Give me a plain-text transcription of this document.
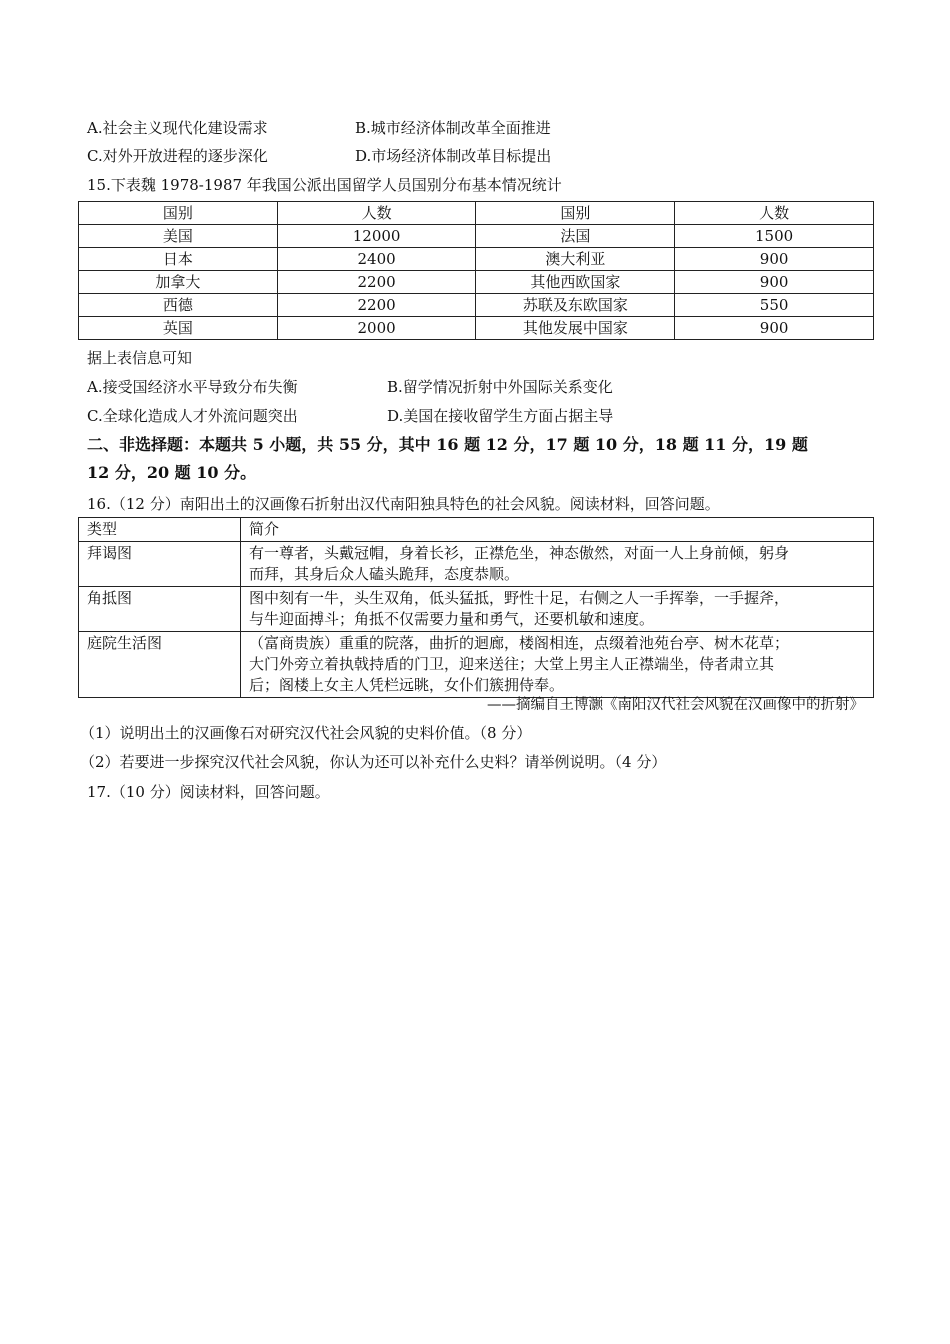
A.社会主义现代化建设需求	B.城市经济体制改革全面推进
C.对外开放进程的逐步深化	D.市场经济体制改革目标提出
15.下表魏 1978-1987 年我国公派出国留学人员国别分布基本情况统计
国别	人数	国别	人数
美国	12000	法国	1500
日本	2400	澳大利亚	900
加拿大	2200	其他西欧国家	900
西德	2200	苏联及东欧国家	550
英国	2000	其他发展中国家	900
据上表信息可知
A.接受国经济水平导致分布失衡	B.留学情况折射中外国际关系变化
C.全球化造成人才外流问题突出	D.美国在接收留学生方面占据主导
二、非选择题：本题共 5 小题，共 55 分，其中 16 题 12 分，17 题 10 分，18 题 11 分，19 题
12 分，20 题 10 分。
16.（12 分）南阳出土的汉画像石折射出汉代南阳独具特色的社会风貌。阅读材料，回答问题。
类型	简介
拜谒图	有一尊者，头戴冠帽，身着长衫，正襟危坐，神态傲然，对面一人上身前倾，躬身
而拜，其身后众人磕头跪拜，态度恭顺。

角抵图	图中刻有一牛，头生双角，低头猛抵，野性十足，右侧之人一手挥拳，一手握斧，
与牛迎面搏斗；角抵不仅需要力量和勇气，还要机敏和速度。

庭院生活图	（富商贵族）重重的院落，曲折的迴廊，楼阁相连，点缀着池苑台亭、树木花草；
大门外旁立着执戟持盾的门卫，迎来送往；大堂上男主人正襟端坐，侍者肃立其
后；阁楼上女主人凭栏远眺，女仆们簇拥侍奉。
——摘编自王博灏《南阳汉代社会风貌在汉画像中的折射》
（1）说明出土的汉画像石对研究汉代社会风貌的史料价值。（8 分）
（2）若要进一步探究汉代社会风貌，你认为还可以补充什么史料？请举例说明。（4 分）
17.（10 分）阅读材料，回答问题。
